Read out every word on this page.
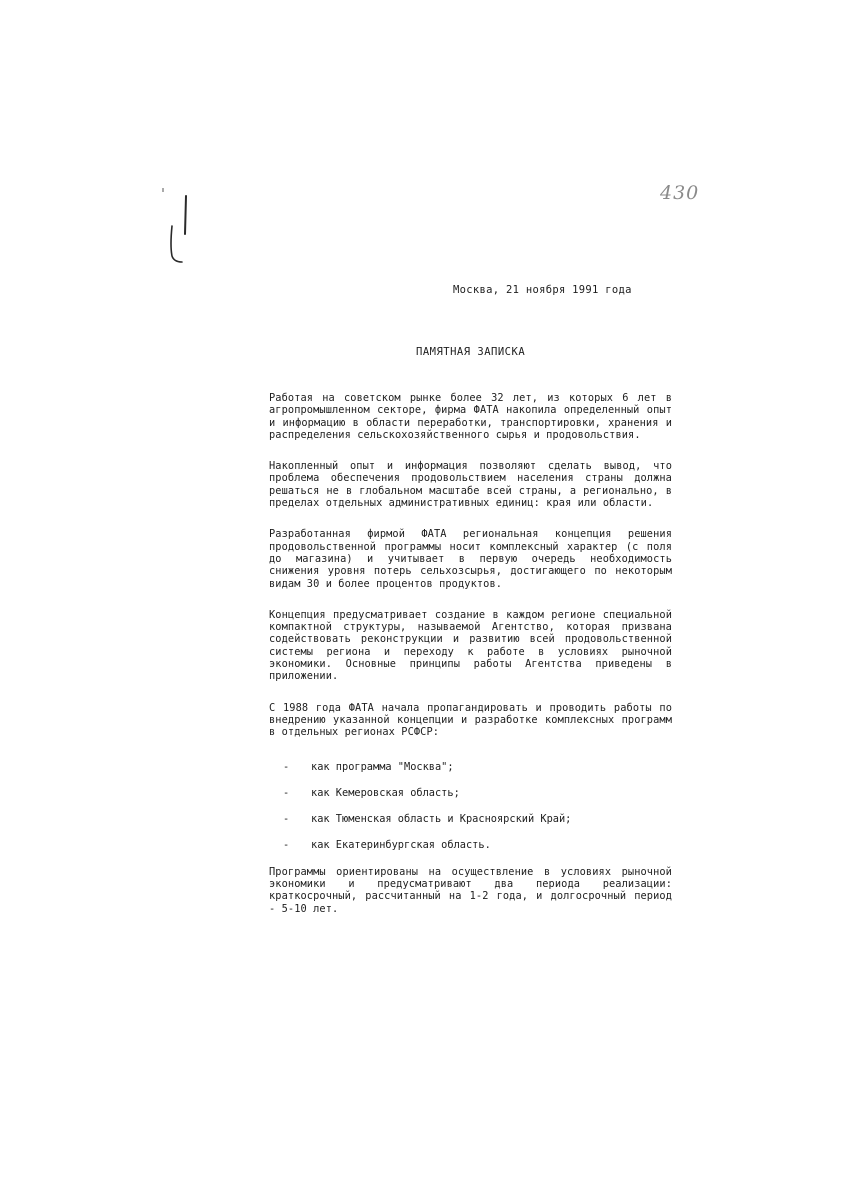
430
Москва, 21 ноября 1991 года
ПАМЯТНАЯ ЗАПИСКА

Работая на советском рынке более 32 лет, из которых 6 лет в агропромышленном секторе, фирма ФАТА накопила определенный опыт и информацию в области переработки, транспортировки, хранения и распределения сельскохозяйственного сырья и продовольствия.

Накопленный опыт и информация позволяют сделать вывод, что проблема обеспечения продовольствием населения страны должна решаться не в глобальном масштабе всей страны, а регионально, в пределах отдельных административных единиц: края или области.

Разработанная фирмой ФАТА региональная концепция решения продовольственной программы носит комплексный характер (с поля до магазина) и учитывает в первую очередь необходимость снижения уровня потерь сельхозсырья, достигающего по некоторым видам 30 и более процентов продуктов.

Концепция предусматривает создание в каждом регионе специальной компактной структуры, называемой Агентство, которая призвана содействовать реконструкции и развитию всей продовольственной системы региона и переходу к работе в условиях рыночной экономики. Основные принципы работы Агентства приведены в приложении.

С 1988 года ФАТА начала пропагандировать и проводить работы по внедрению указанной концепции и разработке комплексных программ в отдельных регионах РСФСР:

- как программа "Москва";
- как Кемеровская область;
- как Тюменская область и Красноярский Край;
- как Екатеринбургская область.

Программы ориентированы на осуществление в условиях рыночной экономики и предусматривают два периода реализации: краткосрочный, рассчитанный на 1-2 года, и долгосрочный период - 5-10 лет.
